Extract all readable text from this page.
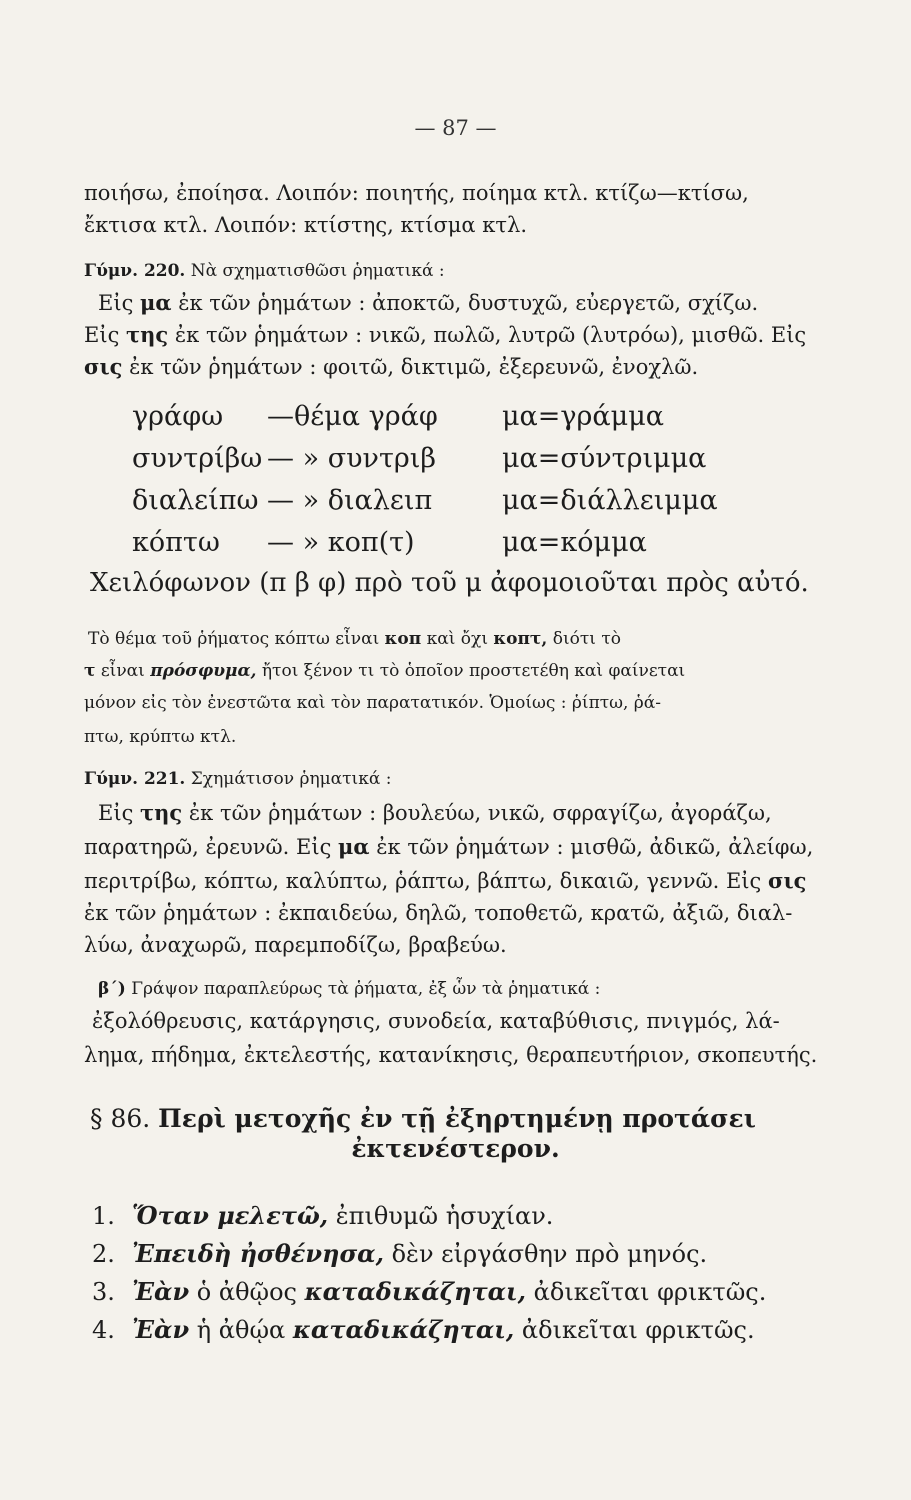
— 87 —
ποιήσω, ἐποίησα. Λοιπόν: ποιητής, ποίημα κτλ. κτίζω—κτίσω,
ἔκτισα κτλ. Λοιπόν: κτίστης, κτίσμα κτλ.
Γύμν. 220. Νὰ σχηματισθῶσι ῥηματικά :
Εἰς μα ἐκ τῶν ῥημάτων : ἀποκτῶ, δυστυχῶ, εὐεργετῶ, σχίζω.
Εἰς της ἐκ τῶν ῥημάτων : νικῶ, πωλῶ, λυτρῶ (λυτρόω), μισθῶ. Εἰς
σις ἐκ τῶν ῥημάτων : φοιτῶ, δικτιμῶ, ἐξερευνῶ, ἐνοχλῶ.
γράφω —θέμα γράφ μα=γράμμα
συντρίβω — » συντριβ μα=σύντριμμα
διαλείπω — » διαλειπ	μα=διάλλειμμα
κόπτω — » κοπ(τ)	μα=κόμμα
Χειλόφωνον (π β φ) πρὸ τοῦ μ ἀφομοιοῦται πρὸς αὐτό.
Τὸ θέμα τοῦ ῥήματος κόπτω εἶναι κοπ καὶ ὄχι κοπτ, διότι τὸ
τ εἶναι πρόσφυμα, ἤτοι ξένον τι τὸ ὁποῖον προστετέθη καὶ φαίνεται
μόνον εἰς τὸν ἐνεστῶτα καὶ τὸν παρατατικόν. Ὁμοίως : ῥίπτω, ῥά-
πτω, κρύπτω κτλ.
Γύμν. 221. Σχημάτισον ῥηματικά :
Εἰς της ἐκ τῶν ῥημάτων : βουλεύω, νικῶ, σφραγίζω, ἀγοράζω,
παρατηρῶ, ἐρευνῶ. Εἰς μα ἐκ τῶν ῥημάτων : μισθῶ, ἀδικῶ, ἀλείφω,
περιτρίβω, κόπτω, καλύπτω, ῥάπτω, βάπτω, δικαιῶ, γεννῶ. Εἰς σις
ἐκ τῶν ῥημάτων : ἐκπαιδεύω, δηλῶ, τοποθετῶ, κρατῶ, ἀξιῶ, διαλ-
λύω, ἀναχωρῶ, παρεμποδίζω, βραβεύω.
β΄) Γράψον παραπλεύρως τὰ ῥήματα, ἐξ ὧν τὰ ῥηματικά :
ἐξολόθρευσις, κατάργησις, συνοδεία, καταβύθισις, πνιγμός, λά-
λημα, πήδημα, ἐκτελεστής, κατανίκησις, θεραπευτήριον, σκοπευτής.
§ 86. Περὶ μετοχῆς ἐν τῇ ἐξηρτημένῃ προτάσει
ἐκτενέστερον.
1. Ὅταν μελετῶ, ἐπιθυμῶ ἡσυχίαν.
2. Ἐπειδὴ ἠσθένησα, δὲν εἰργάσθην πρὸ μηνός.
3. Ἐὰν ὁ ἀθῷος καταδικάζηται, ἀδικεῖται φρικτῶς.
4. Ἐὰν ἡ ἀθῴα καταδικάζηται, ἀδικεῖται φρικτῶς.
